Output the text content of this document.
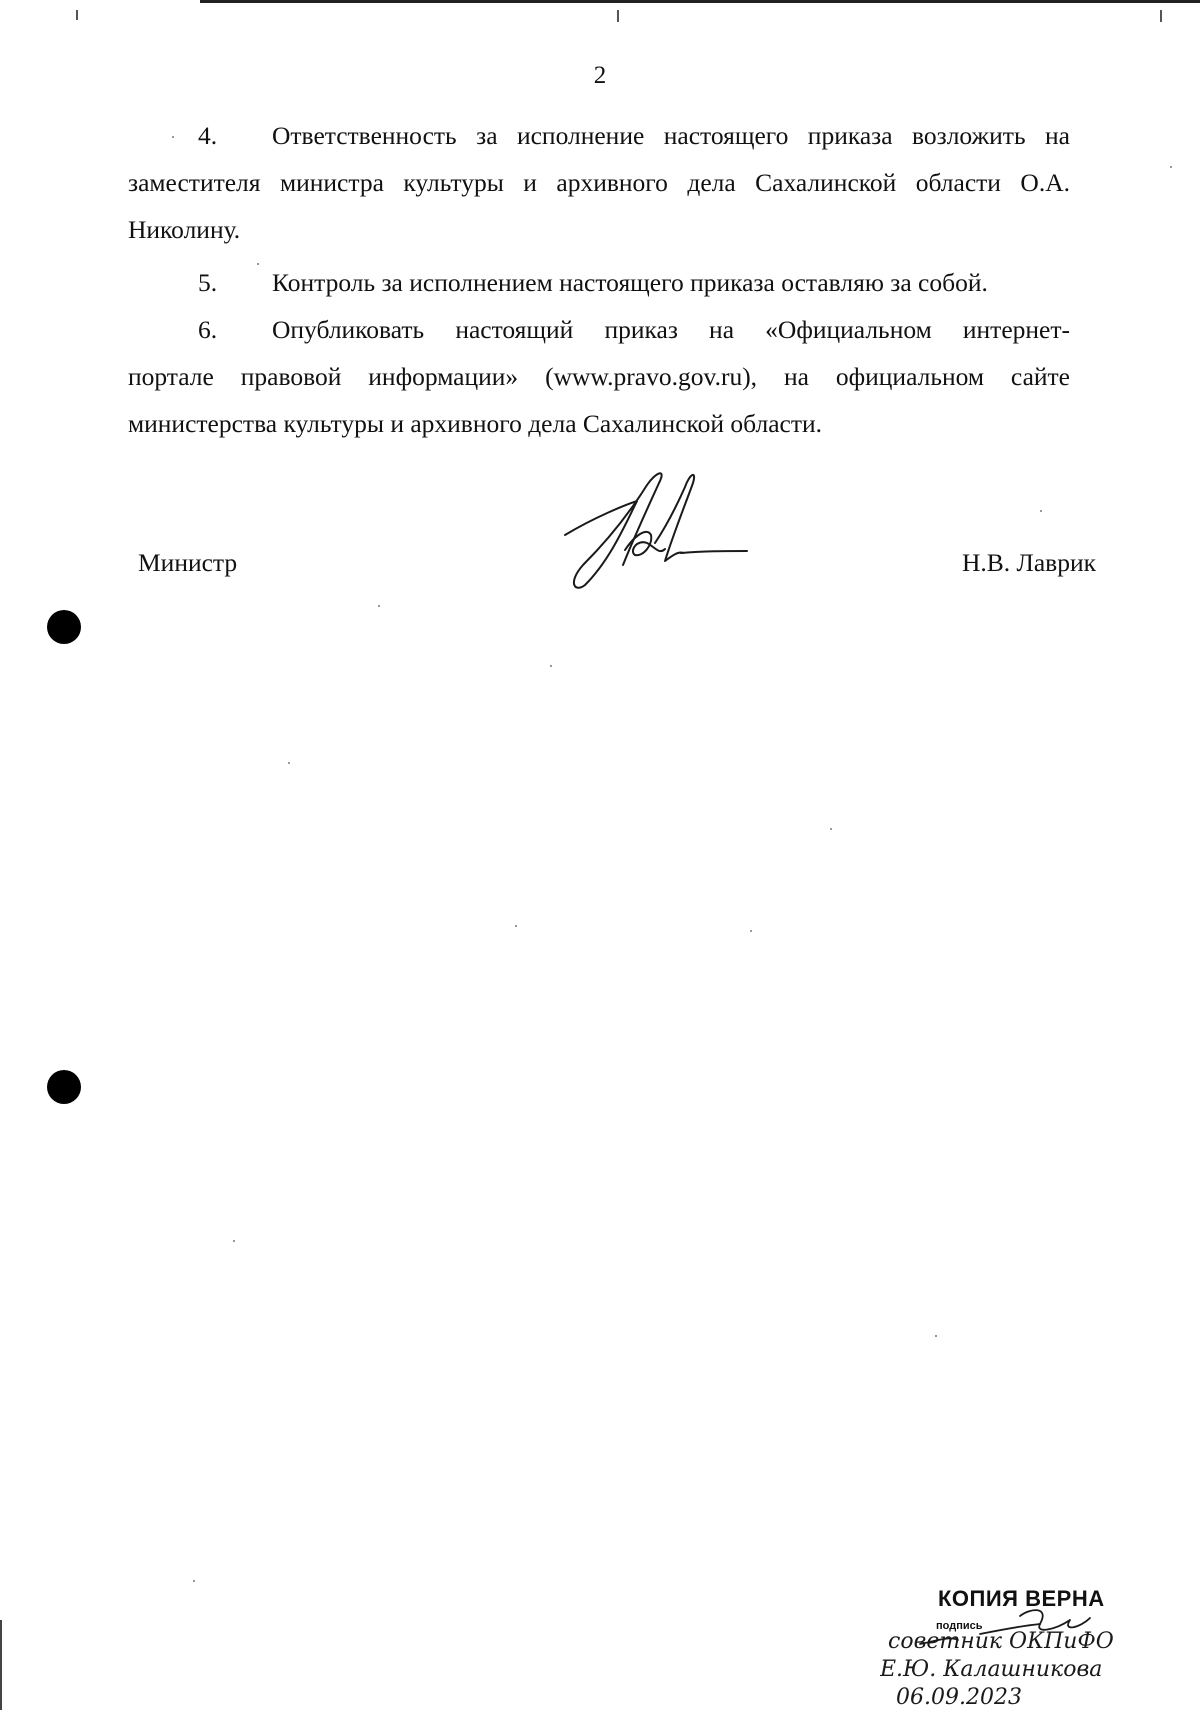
2
4.	Ответственность за исполнение настоящего приказа возложить на
заместителя министра культуры и архивного дела Сахалинской области О.А. Николину.
5.	Контроль за исполнением настоящего приказа оставляю за собой.
6.	Опубликовать настоящий приказ на «Официальном интернет-
портале правовой информации» (www.pravo.gov.ru), на официальном сайте министерства культуры и архивного дела Сахалинской области.
Министр	Н.В. Лаврик
КОПИЯ ВЕРНА
подпись
советник ОКПиФО
Е.Ю. Калашникова
06.09.2023
